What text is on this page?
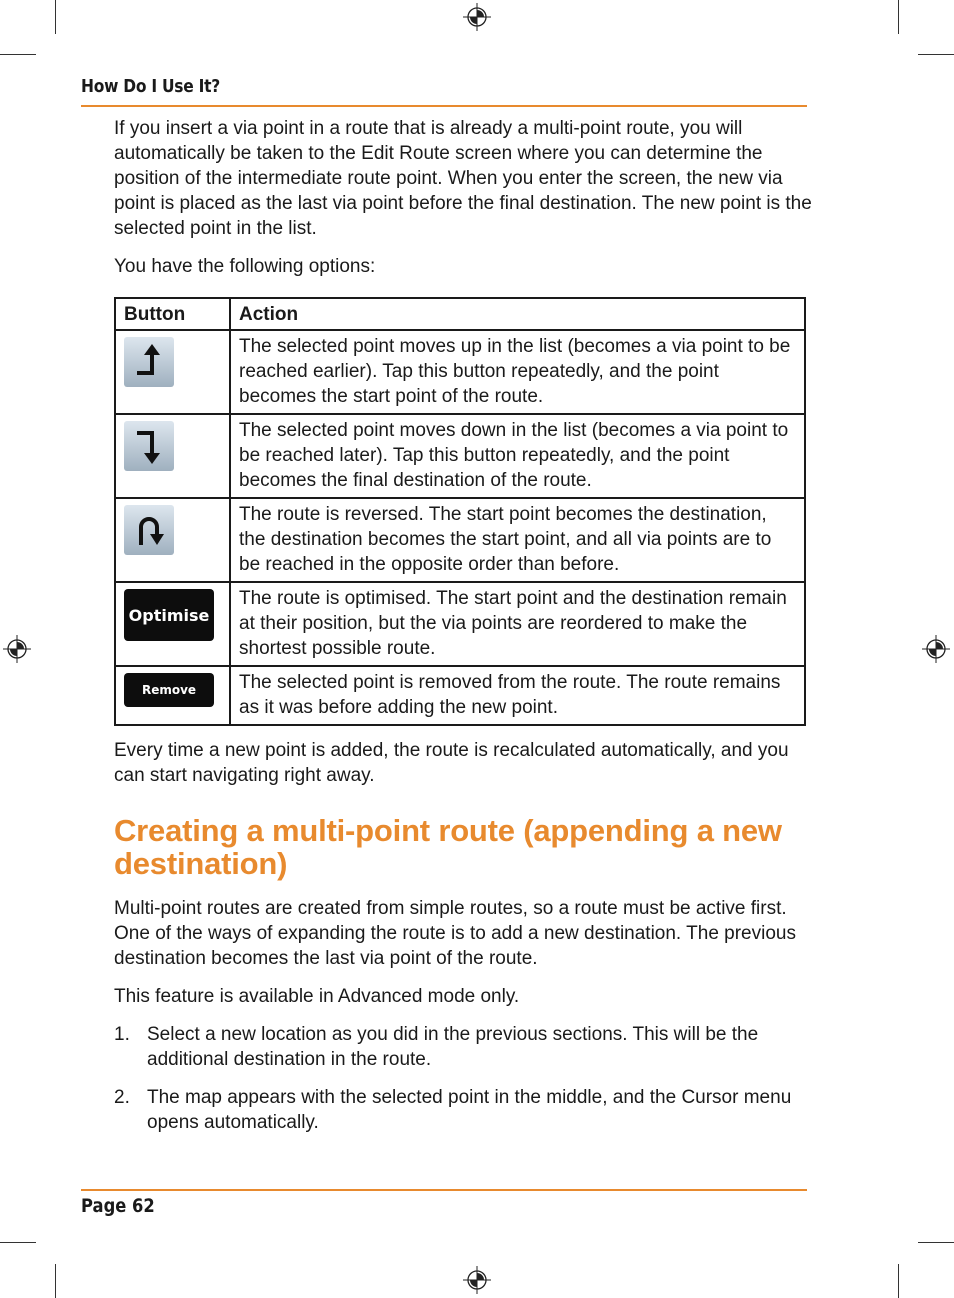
How Do I Use It?

If you insert a via point in a route that is already a multi-point route, you will automatically be taken to the Edit Route screen where you can determine the position of the intermediate route point. When you enter the screen, the new via point is placed as the last via point before the final destination. The new point is the selected point in the list.

You have the following options:

Button	Action

	The selected point moves up in the list (becomes a via point to be reached earlier). Tap this button repeatedly, and the point becomes the start point of the route.

	The selected point moves down in the list (becomes a via point to be reached later). Tap this button repeatedly, and the point becomes the final destination of the route.

	The route is reversed. The start point becomes the destination, the destination becomes the start point, and all via points are to be reached in the opposite order than before.

Optimise	The route is optimised. The start point and the destination remain at their position, but the via points are reordered to make the shortest possible route.

Remove	The selected point is removed from the route. The route remains as it was before adding the new point.

Every time a new point is added, the route is recalculated automatically, and you can start navigating right away.

Creating a multi-point route (appending a new destination)

Multi-point routes are created from simple routes, so a route must be active first. One of the ways of expanding the route is to add a new destination. The previous destination becomes the last via point of the route.

This feature is available in Advanced mode only.

1. Select a new location as you did in the previous sections. This will be the additional destination in the route.
2. The map appears with the selected point in the middle, and the Cursor menu opens automatically.
Page 62
